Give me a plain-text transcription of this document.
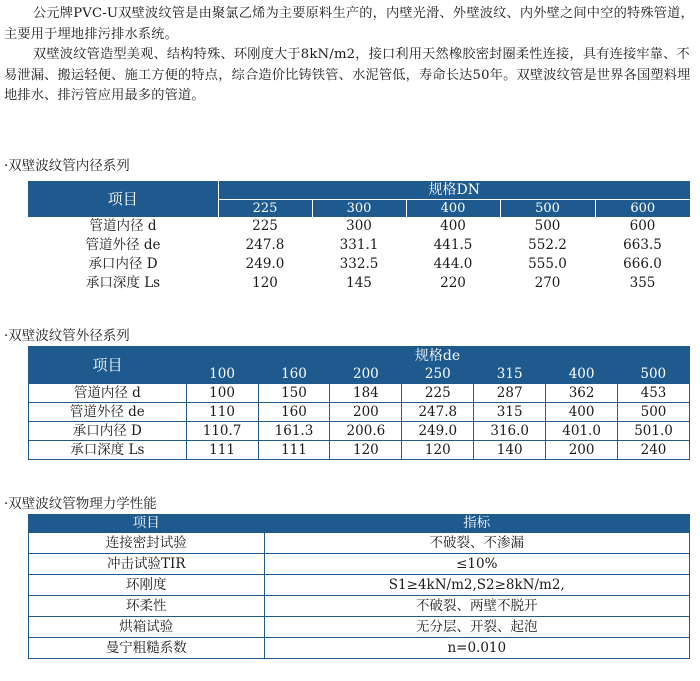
公元牌PVC-U双壁波纹管是由聚氯乙烯为主要原料生产的，内壁光滑、外壁波纹、内外壁之间中空的特殊管道，主要用于埋地排污排水系统。

双壁波纹管造型美观、结构特殊、环刚度大于8kN/m2，接口利用天然橡胶密封圈柔性连接，具有连接牢靠、不易泄漏、搬运轻便、施工方便的特点，综合造价比铸铁管、水泥管低，寿命长达50年。双壁波纹管是世界各国塑料埋地排水、排污管应用最多的管道。

·双壁波纹管内径系列
项目	规格DN				
	225	300	400	500	600
管道内径 d	225	300	400	500	600
管道外径 de	247.8	331.1	441.5	552.2	663.5
承口内径 D	249.0	332.5	444.0	555.0	666.0
承口深度 Ls	120	145	220	270	355
·双壁波纹管外径系列
项目	规格de						
	100	160	200	250	315	400	500
管道内径 d	100	150	184	225	287	362	453
管道外径 de	110	160	200	247.8	315	400	500
承口内径 D	110.7	161.3	200.6	249.0	316.0	401.0	501.0
承口深度 Ls	111	111	120	120	140	200	240
·双壁波纹管物理力学性能
项目	指标
连接密封试验	不破裂、不渗漏
冲击试验TIR	≤10%
环刚度	S1≥4kN/m2,S2≥8kN/m2,
环柔性	不破裂、两壁不脱开
烘箱试验	无分层、开裂、起泡
曼宁粗糙系数	n=0.010
